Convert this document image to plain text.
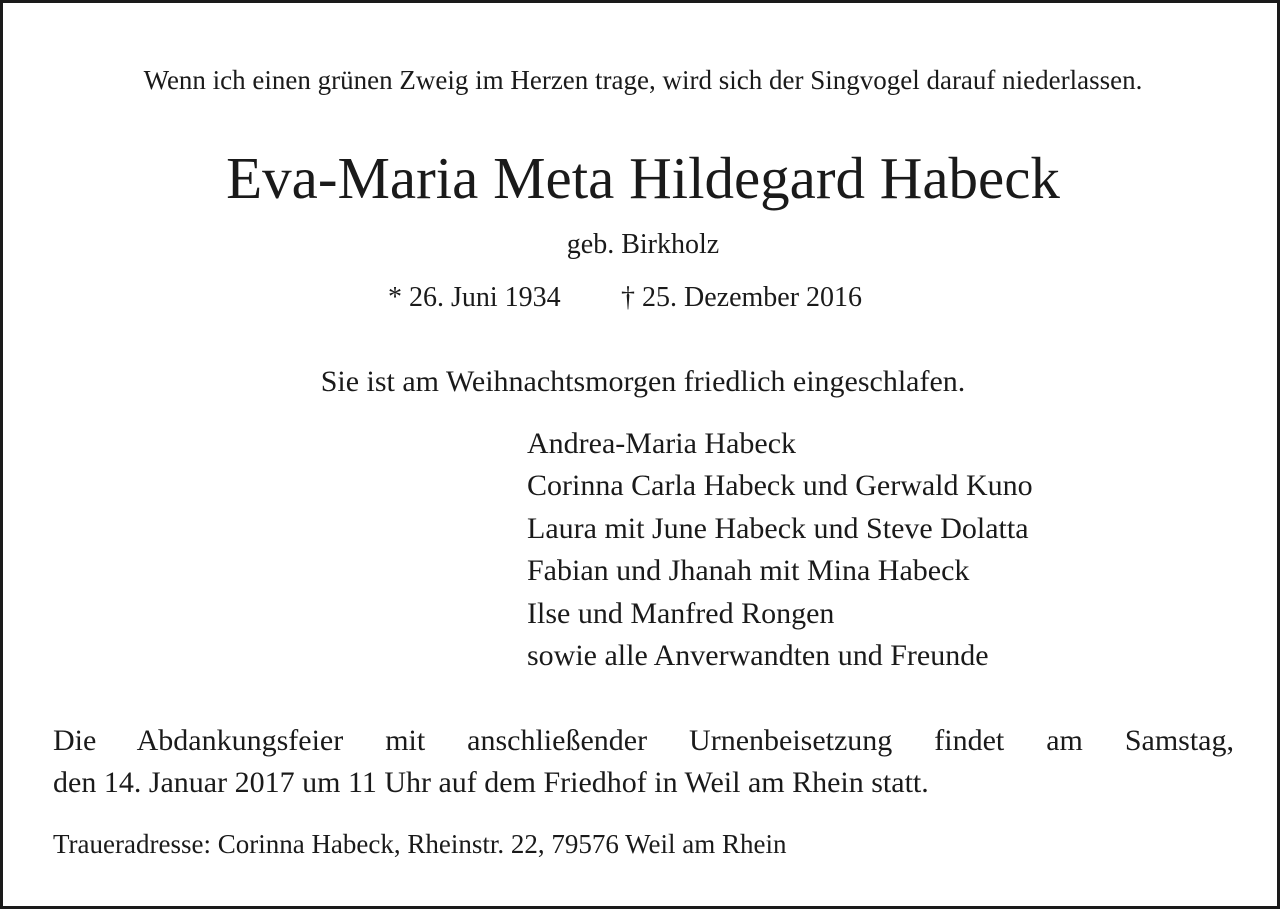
Wenn ich einen grünen Zweig im Herzen trage, wird sich der Singvogel darauf niederlassen.
Eva-Maria Meta Hildegard Habeck
geb. Birkholz
* 26. Juni 1934 † 25. Dezember 2016
Sie ist am Weihnachtsmorgen friedlich eingeschlafen.
Andrea-Maria Habeck
Corinna Carla Habeck und Gerwald Kuno
Laura mit June Habeck und Steve Dolatta
Fabian und Jhanah mit Mina Habeck
Ilse und Manfred Rongen
sowie alle Anverwandten und Freunde
Die Abdankungsfeier mit anschließender Urnenbeisetzung findet am Samstag,
den 14. Januar 2017 um 11 Uhr auf dem Friedhof in Weil am Rhein statt.
Traueradresse: Corinna Habeck, Rheinstr. 22, 79576 Weil am Rhein
